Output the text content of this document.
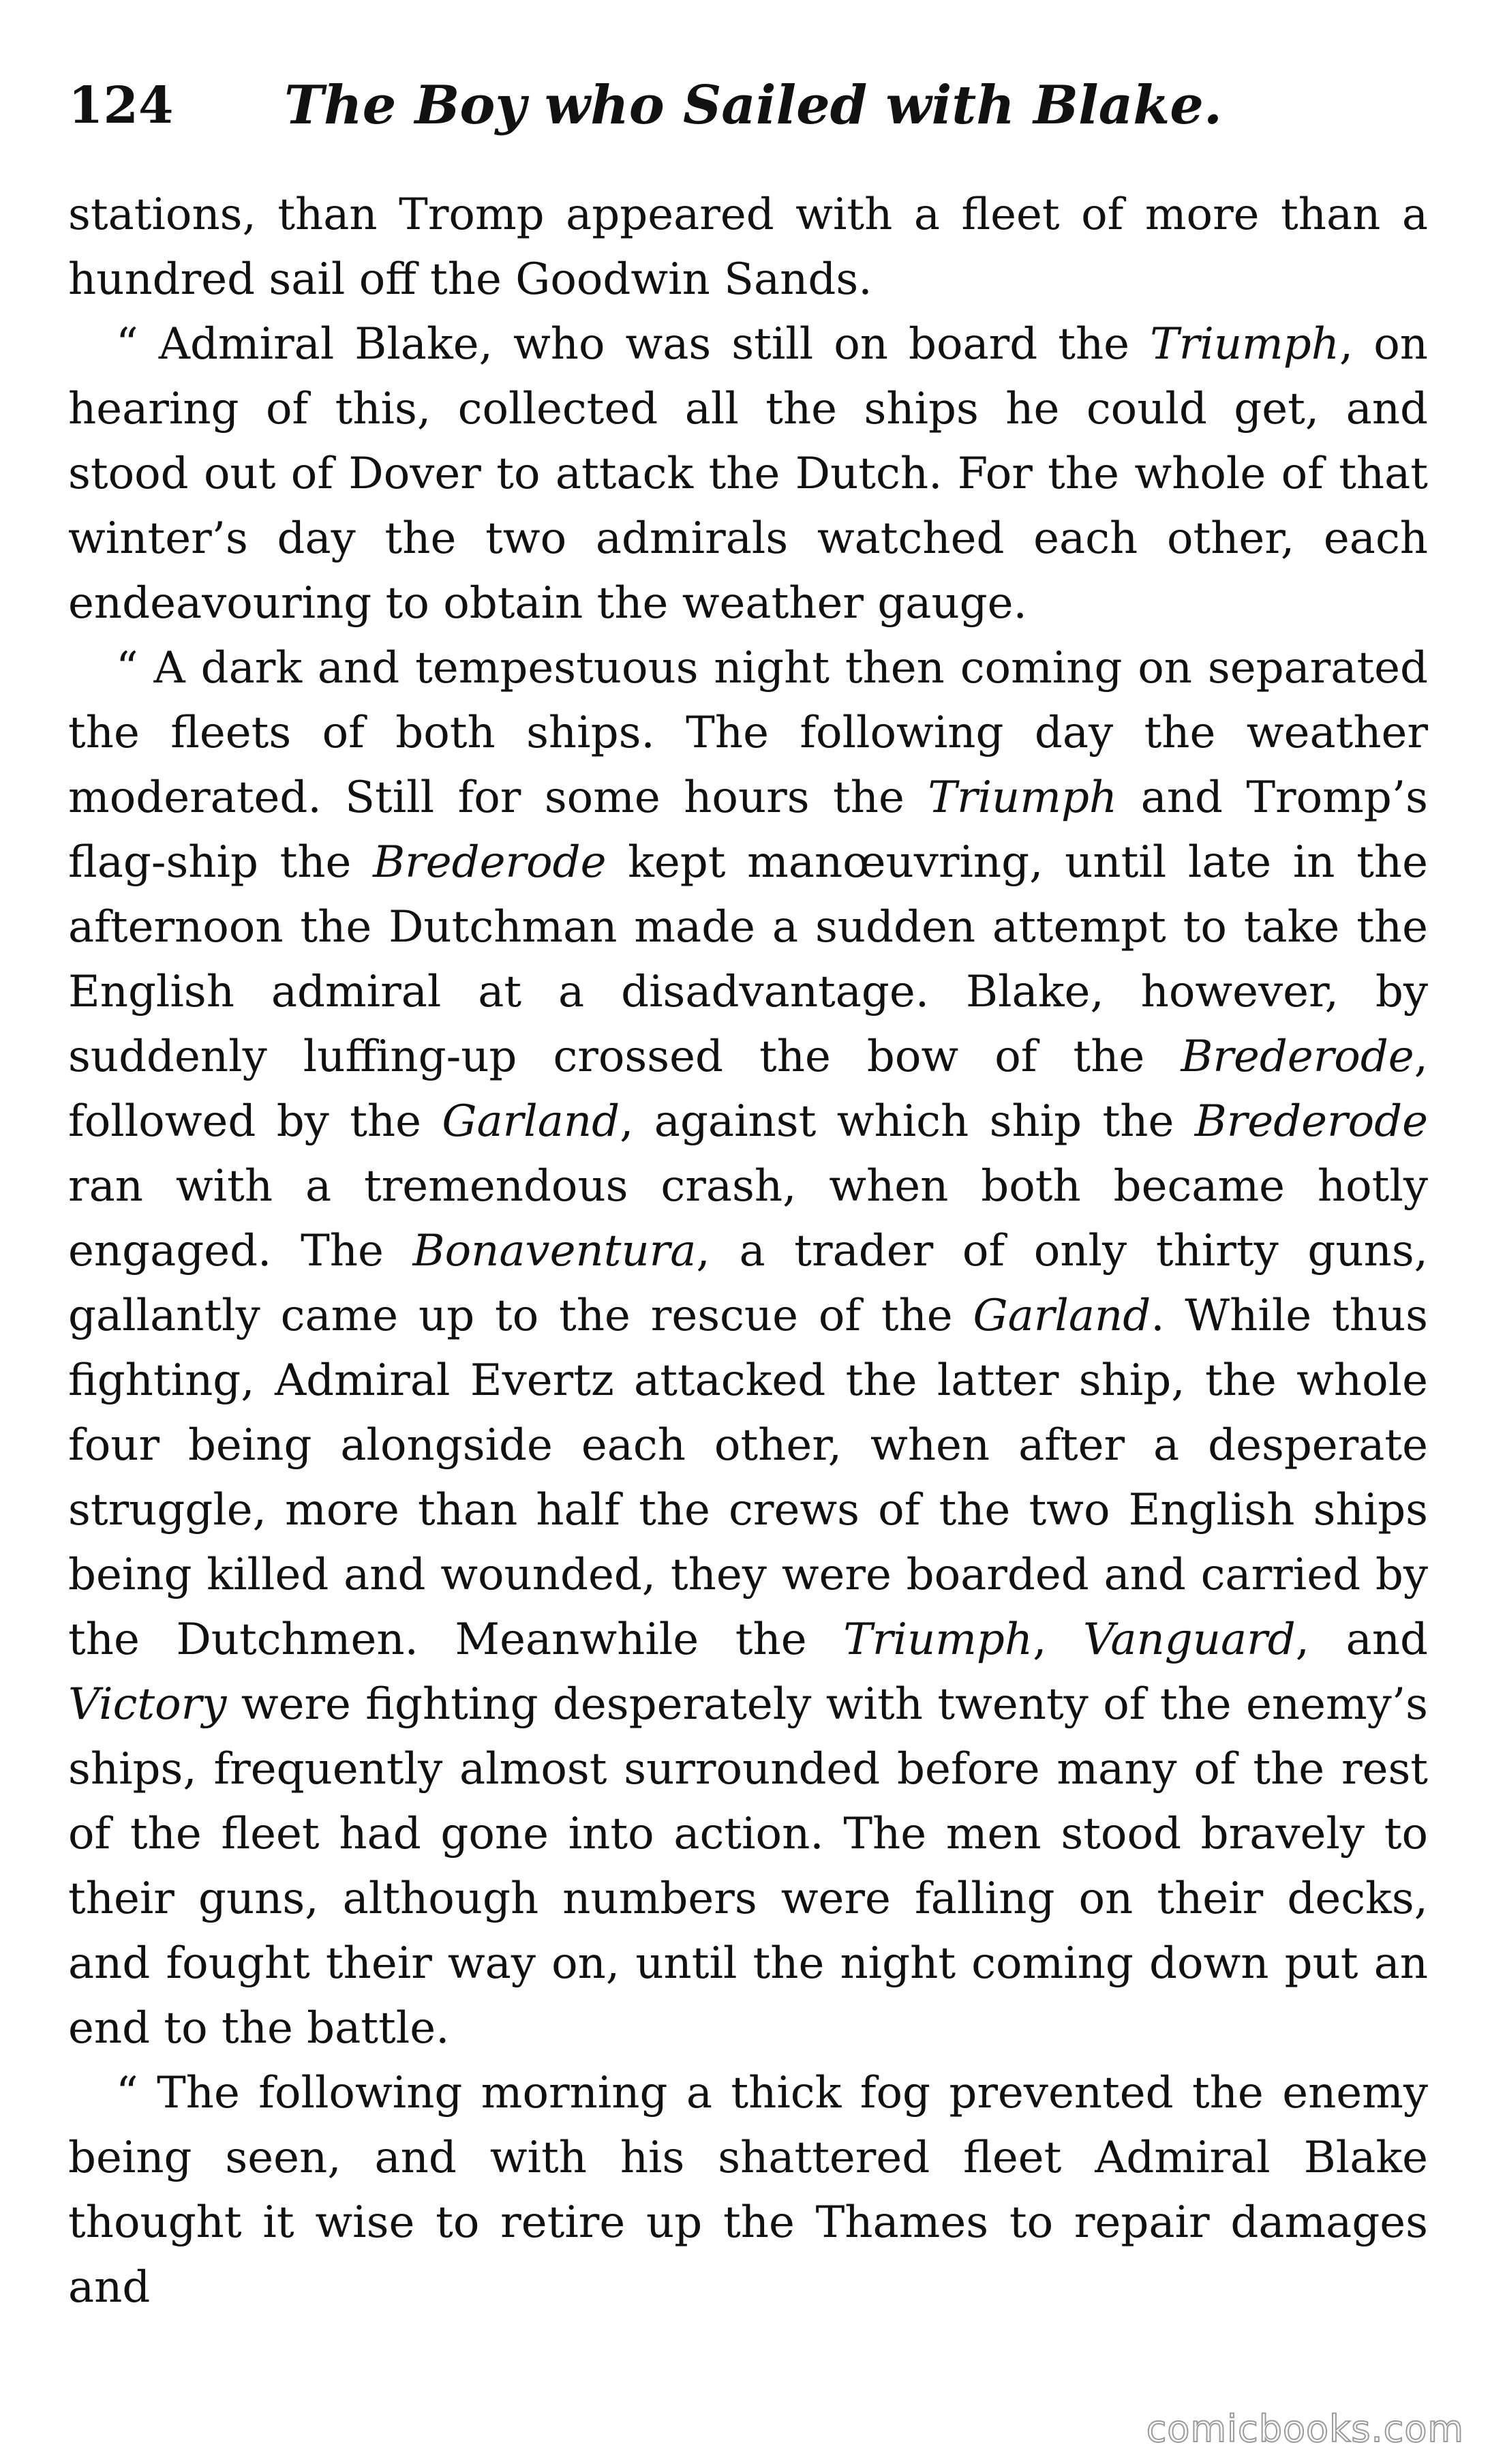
124	The Boy who Sailed with Blake.

stations, than Tromp appeared with a fleet of more than a hundred sail off the Goodwin Sands.

“ Admiral Blake, who was still on board the Triumph, on hearing of this, collected all the ships he could get, and stood out of Dover to attack the Dutch. For the whole of that winter’s day the two admirals watched each other, each endeavouring to obtain the weather gauge.

“ A dark and tempestuous night then coming on separated the fleets of both ships. The following day the weather moderated. Still for some hours the Triumph and Tromp’s flag-ship the Brederode kept manœuvring, until late in the afternoon the Dutchman made a sudden attempt to take the English admiral at a disadvantage. Blake, however, by suddenly luffing-up crossed the bow of the Brederode, followed by the Garland, against which ship the Brederode ran with a tremendous crash, when both became hotly engaged. The Bonaventura, a trader of only thirty guns, gallantly came up to the rescue of the Garland. While thus fighting, Admiral Evertz attacked the latter ship, the whole four being alongside each other, when after a desperate struggle, more than half the crews of the two English ships being killed and wounded, they were boarded and carried by the Dutchmen. Meanwhile the Triumph, Vanguard, and Victory were fighting desperately with twenty of the enemy’s ships, frequently almost surrounded before many of the rest of the fleet had gone into action. The men stood bravely to their guns, although numbers were falling on their decks, and fought their way on, until the night coming down put an end to the battle.

“ The following morning a thick fog prevented the enemy being seen, and with his shattered fleet Admiral Blake thought it wise to retire up the Thames to repair damages and

comicbooks.com
